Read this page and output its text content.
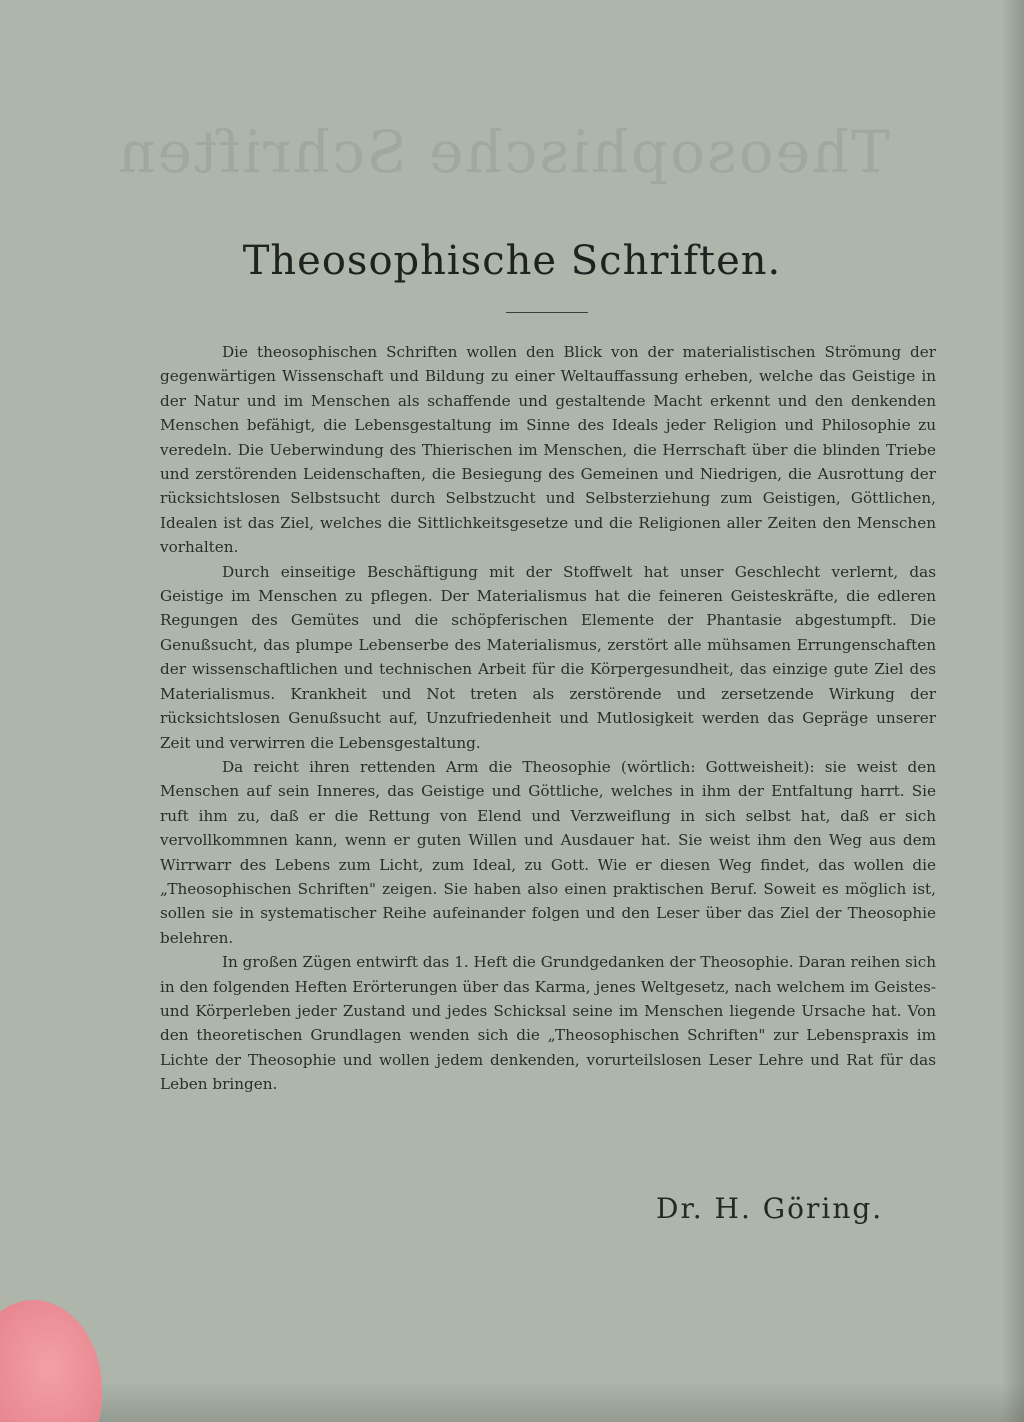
Theosophische Schriften
Theosophische Schriften.

Die theosophischen Schriften wollen den Blick von der materialistischen Strömung der gegenwärtigen Wissenschaft und Bildung zu einer Weltauffassung erheben, welche das Geistige in der Natur und im Menschen als schaffende und gestaltende Macht erkennt und den denkenden Menschen befähigt, die Lebensgestaltung im Sinne des Ideals jeder Religion und Philosophie zu veredeln. Die Ueberwindung des Thierischen im Menschen, die Herrschaft über die blinden Triebe und zerstörenden Leidenschaften, die Besiegung des Gemeinen und Niedrigen, die Ausrottung der rücksichtslosen Selbstsucht durch Selbstzucht und Selbsterziehung zum Geistigen, Göttlichen, Idealen ist das Ziel, welches die Sittlichkeitsgesetze und die Religionen aller Zeiten den Menschen vorhalten.

Durch einseitige Beschäftigung mit der Stoffwelt hat unser Geschlecht verlernt, das Geistige im Menschen zu pflegen. Der Materialismus hat die feineren Geisteskräfte, die edleren Regungen des Gemütes und die schöpferischen Elemente der Phantasie abgestumpft. Die Genußsucht, das plumpe Lebenserbe des Materialismus, zerstört alle mühsamen Errungenschaften der wissenschaftlichen und technischen Arbeit für die Körpergesundheit, das einzige gute Ziel des Materialismus. Krankheit und Not treten als zerstörende und zersetzende Wirkung der rücksichtslosen Genußsucht auf, Unzufriedenheit und Mutlosigkeit werden das Gepräge unserer Zeit und verwirren die Lebensgestaltung.

Da reicht ihren rettenden Arm die Theosophie (wörtlich: Gottweisheit): sie weist den Menschen auf sein Inneres, das Geistige und Göttliche, welches in ihm der Entfaltung harrt. Sie ruft ihm zu, daß er die Rettung von Elend und Verzweiflung in sich selbst hat, daß er sich vervollkommnen kann, wenn er guten Willen und Ausdauer hat. Sie weist ihm den Weg aus dem Wirrwarr des Lebens zum Licht, zum Ideal, zu Gott. Wie er diesen Weg findet, das wollen die „Theosophischen Schriften" zeigen. Sie haben also einen praktischen Beruf. Soweit es möglich ist, sollen sie in systematischer Reihe aufeinander folgen und den Leser über das Ziel der Theosophie belehren.

In großen Zügen entwirft das 1. Heft die Grundgedanken der Theosophie. Daran reihen sich in den folgenden Heften Erörterungen über das Karma, jenes Weltgesetz, nach welchem im Geistes- und Körperleben jeder Zustand und jedes Schicksal seine im Menschen liegende Ursache hat. Von den theoretischen Grundlagen wenden sich die „Theosophischen Schriften" zur Lebenspraxis im Lichte der Theosophie und wollen jedem denkenden, vorurteilslosen Leser Lehre und Rat für das Leben bringen.

Dr. H. Göring.
